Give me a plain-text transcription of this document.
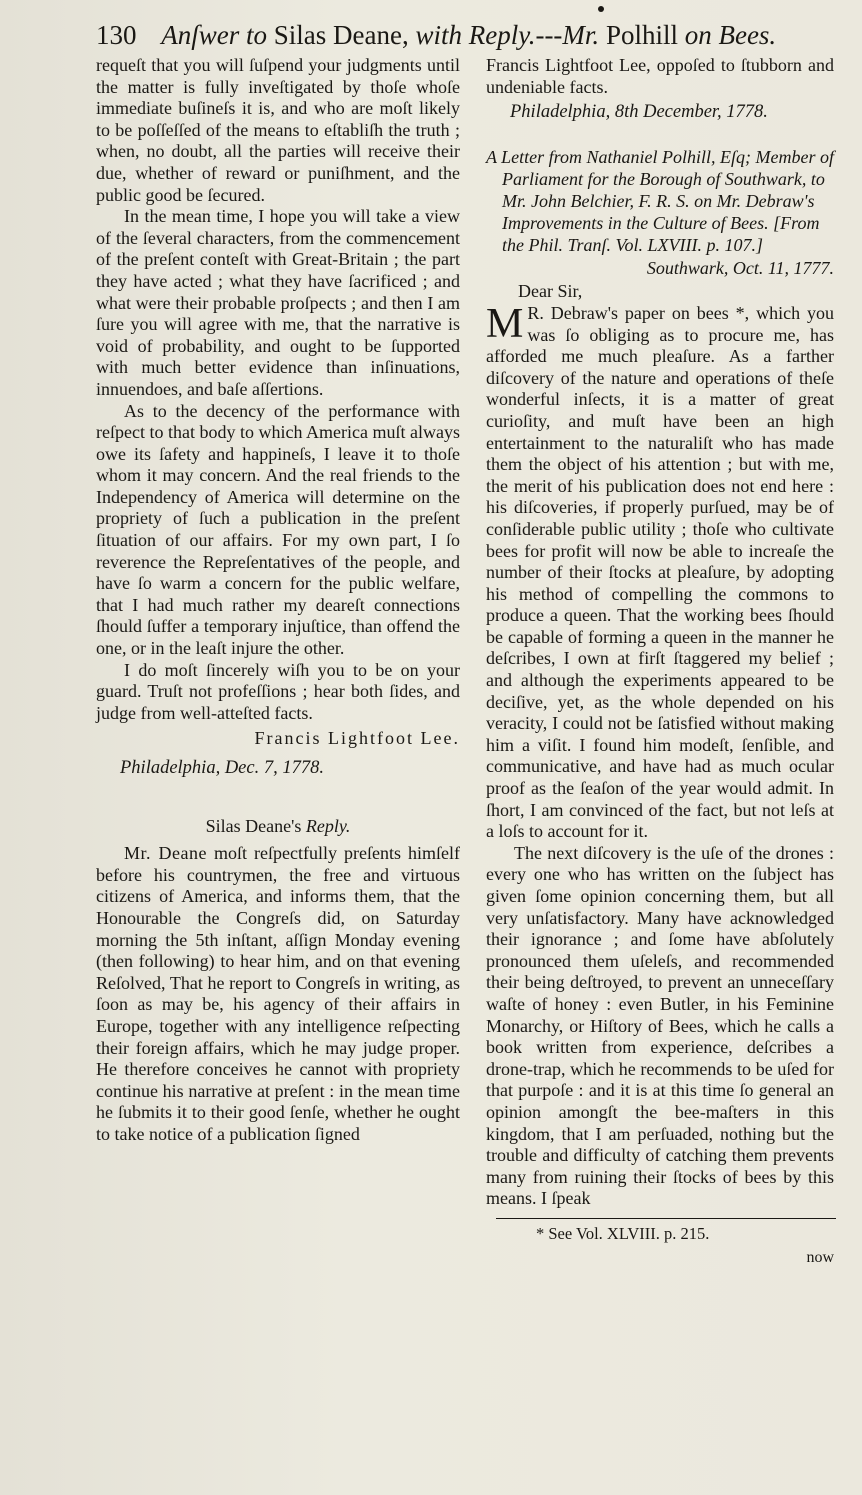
130 Anſwer to Silas Deane, with Reply.---Mr. Polhill on Bees.

requeſt that you will ſuſpend your judgments until the matter is fully inveſtigated by thoſe whoſe immediate buſineſs it is, and who are moſt likely to be poſſeſſed of the means to eſtabliſh the truth ; when, no doubt, all the parties will receive their due, whether of reward or puniſhment, and the public good be ſecured.

In the mean time, I hope you will take a view of the ſeveral characters, from the commencement of the preſent conteſt with Great-Britain ; the part they have acted ; what they have ſacrificed ; and what were their probable proſpects ; and then I am ſure you will agree with me, that the narrative is void of probability, and ought to be ſupported with much better evidence than inſinuations, innuendoes, and baſe aſſertions.

As to the decency of the performance with reſpect to that body to which America muſt always owe its ſafety and happineſs, I leave it to thoſe whom it may concern. And the real friends to the Independency of America will determine on the propriety of ſuch a publication in the preſent ſituation of our affairs. For my own part, I ſo reverence the Repreſentatives of the people, and have ſo warm a concern for the public welfare, that I had much rather my deareſt connections ſhould ſuffer a temporary injuſtice, than offend the one, or in the leaſt injure the other.

I do moſt ſincerely wiſh you to be on your guard. Truſt not profeſſions ; hear both ſides, and judge from well-atteſted facts.

Francis Lightfoot Lee.

Philadelphia, Dec. 7, 1778.

Silas Deane's Reply.

Mr. Deane moſt reſpectfully preſents himſelf before his countrymen, the free and virtuous citizens of America, and informs them, that the Honourable the Congreſs did, on Saturday morning the 5th inſtant, aſſign Monday evening (then following) to hear him, and on that evening Reſolved, That he report to Congreſs in writing, as ſoon as may be, his agency of their affairs in Europe, together with any intelligence reſpecting their foreign affairs, which he may judge proper. He therefore conceives he cannot with propriety continue his narrative at preſent : in the mean time he ſubmits it to their good ſenſe, whether he ought to take notice of a publication ſigned

Francis Lightfoot Lee, oppoſed to ſtubborn and undeniable facts.

Philadelphia, 8th December, 1778.

A Letter from Nathaniel Polhill, Eſq; Member of Parliament for the Borough of Southwark, to Mr. John Belchier, F. R. S. on Mr. Debraw's Improvements in the Culture of Bees. [From the Phil. Tranſ. Vol. LXVIII. p. 107.]

Southwark, Oct. 11, 1777.

Dear Sir,

M R. Debraw's paper on bees *, which you was ſo obliging as to procure me, has afforded me much pleaſure. As a farther diſcovery of the nature and operations of theſe wonderful inſects, it is a matter of great curioſity, and muſt have been an high entertainment to the naturaliſt who has made them the object of his attention ; but with me, the merit of his publication does not end here : his diſcoveries, if properly purſued, may be of conſiderable public utility ; thoſe who cultivate bees for profit will now be able to increaſe the number of their ſtocks at pleaſure, by adopting his method of compelling the commons to produce a queen. That the working bees ſhould be capable of forming a queen in the manner he deſcribes, I own at firſt ſtaggered my belief ; and although the experiments appeared to be deciſive, yet, as the whole depended on his veracity, I could not be ſatisfied without making him a viſit. I found him modeſt, ſenſible, and communicative, and have had as much ocular proof as the ſeaſon of the year would admit. In ſhort, I am convinced of the fact, but not leſs at a loſs to account for it.

The next diſcovery is the uſe of the drones : every one who has written on the ſubject has given ſome opinion concerning them, but all very unſatisfactory. Many have acknowledged their ignorance ; and ſome have abſolutely pronounced them uſeleſs, and recommended their being deſtroyed, to prevent an unneceſſary waſte of honey : even Butler, in his Feminine Monarchy, or Hiſtory of Bees, which he calls a book written from experience, deſcribes a drone-trap, which he recommends to be uſed for that purpoſe : and it is at this time ſo general an opinion amongſt the bee-maſters in this kingdom, that I am perſuaded, nothing but the trouble and difficulty of catching them prevents many from ruining their ſtocks of bees by this means. I ſpeak

* See Vol. XLVIII. p. 215.

now
